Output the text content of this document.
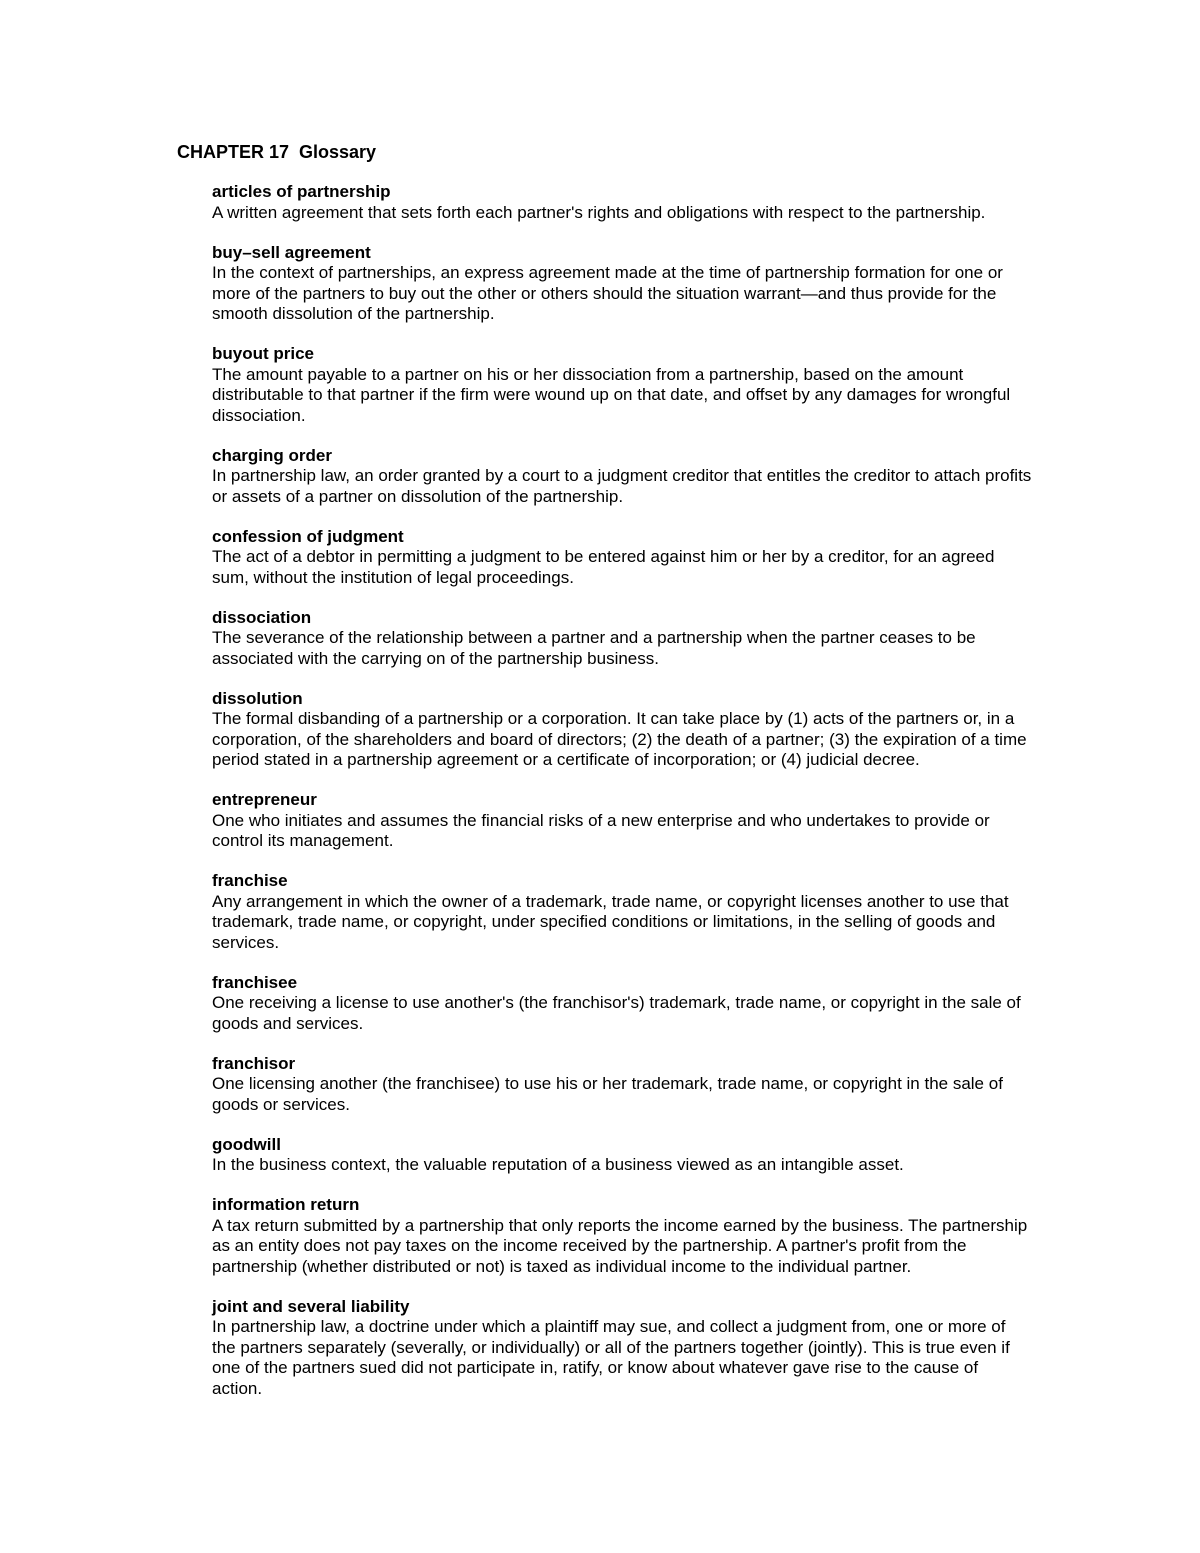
CHAPTER 17  Glossary
articles of partnership
A written agreement that sets forth each partner's rights and obligations with respect to the partnership.
buy–sell agreement
In the context of partnerships, an express agreement made at the time of partnership formation for one or more of the partners to buy out the other or others should the situation warrant—and thus provide for the smooth dissolution of the partnership.
buyout price
The amount payable to a partner on his or her dissociation from a partnership, based on the amount distributable to that partner if the firm were wound up on that date, and offset by any damages for wrongful dissociation.
charging order
In partnership law, an order granted by a court to a judgment creditor that entitles the creditor to attach profits or assets of a partner on dissolution of the partnership.
confession of judgment
The act of a debtor in permitting a judgment to be entered against him or her by a creditor, for an agreed sum, without the institution of legal proceedings.
dissociation
The severance of the relationship between a partner and a partnership when the partner ceases to be associated with the carrying on of the partnership business.
dissolution
The formal disbanding of a partnership or a corporation. It can take place by (1) acts of the partners or, in a corporation, of the shareholders and board of directors; (2) the death of a partner; (3) the expiration of a time period stated in a partnership agreement or a certificate of incorporation; or (4) judicial decree.
entrepreneur
One who initiates and assumes the financial risks of a new enterprise and who undertakes to provide or control its management.
franchise
Any arrangement in which the owner of a trademark, trade name, or copyright licenses another to use that trademark, trade name, or copyright, under specified conditions or limitations, in the selling of goods and services.
franchisee
One receiving a license to use another's (the franchisor's) trademark, trade name, or copyright in the sale of goods and services.
franchisor
One licensing another (the franchisee) to use his or her trademark, trade name, or copyright in the sale of goods or services.
goodwill
In the business context, the valuable reputation of a business viewed as an intangible asset.
information return
A tax return submitted by a partnership that only reports the income earned by the business. The partnership as an entity does not pay taxes on the income received by the partnership. A partner's profit from the partnership (whether distributed or not) is taxed as individual income to the individual partner.
joint and several liability
In partnership law, a doctrine under which a plaintiff may sue, and collect a judgment from, one or more of the partners separately (severally, or individually) or all of the partners together (jointly). This is true even if one of the partners sued did not participate in, ratify, or know about whatever gave rise to the cause of action.
